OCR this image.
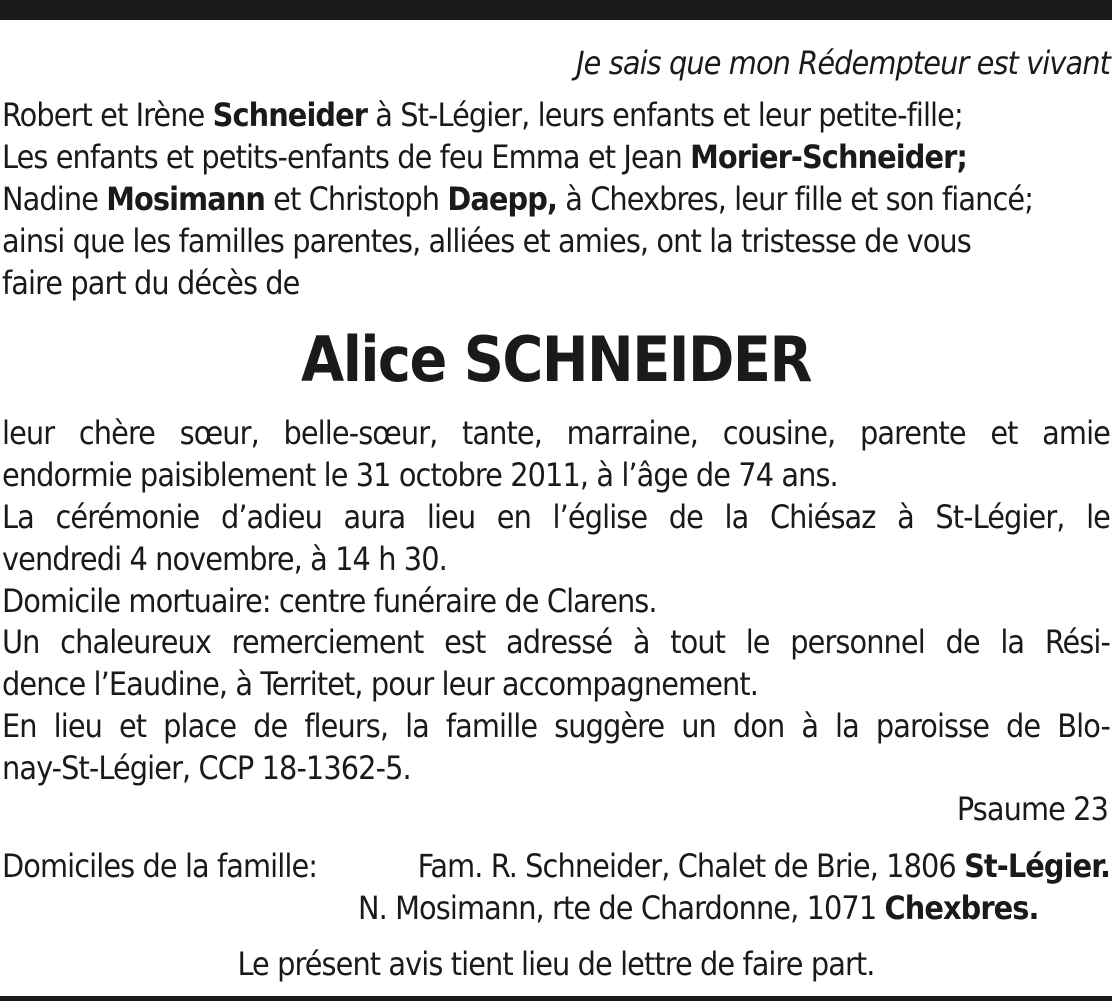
Je sais que mon Rédempteur est vivant
Robert et Irène Schneider à St-Légier, leurs enfants et leur petite-fille;
Les enfants et petits-enfants de feu Emma et Jean Morier-Schneider;
Nadine Mosimann et Christoph Daepp, à Chexbres, leur fille et son fiancé;
ainsi que les familles parentes, alliées et amies, ont la tristesse de vous
faire part du décès de
Alice SCHNEIDER
leur chère sœur, belle-sœur, tante, marraine, cousine, parente et amie
endormie paisiblement le 31 octobre 2011, à l’âge de 74 ans.
La cérémonie d’adieu aura lieu en l’église de la Chiésaz à St-Légier, le
vendredi 4 novembre, à 14 h 30.
Domicile mortuaire: centre funéraire de Clarens.
Un chaleureux remerciement est adressé à tout le personnel de la Rési-
dence l’Eaudine, à Territet, pour leur accompagnement.
En lieu et place de fleurs, la famille suggère un don à la paroisse de Blo-
nay-St-Légier, CCP 18-1362-5.
Psaume 23
Domiciles de la famille:	Fam. R. Schneider, Chalet de Brie, 1806 St-Légier.
N. Mosimann, rte de Chardonne, 1071 Chexbres.
Le présent avis tient lieu de lettre de faire part.
